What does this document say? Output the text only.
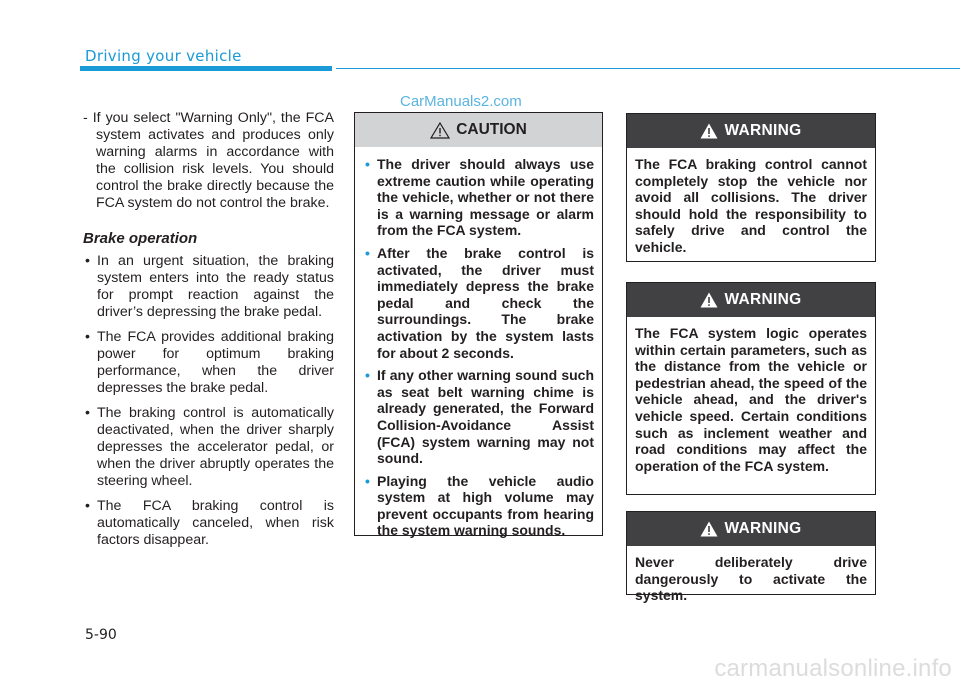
Driving your vehicle
CarManuals2.com

- If you select "Warning Only", the FCA system activates and produces only warning alarms in accordance with the collision risk levels. You should control the brake directly because the FCA system do not control the brake.

Brake operation

• In an urgent situation, the braking system enters into the ready status for prompt reaction against the driver’s depressing the brake pedal.
• The FCA provides additional braking power for optimum braking performance, when the driver depresses the brake pedal.
• The braking control is automatically deactivated, when the driver sharply depresses the accelerator pedal, or when the driver abruptly operates the steering wheel.
• The FCA braking control is automatically canceled, when risk factors disappear.
CAUTION
• The driver should always use extreme caution while operating the vehicle, whether or not there is a warning message or alarm from the FCA system.
• After the brake control is activated, the driver must immediately depress the brake pedal and check the surroundings. The brake activation by the system lasts for about 2 seconds.
• If any other warning sound such as seat belt warning chime is already generated, the Forward Collision-Avoidance Assist (FCA) system warning may not sound.
• Playing the vehicle audio system at high volume may prevent occupants from hearing the system warning sounds.
WARNING
The FCA braking control cannot completely stop the vehicle nor avoid all collisions. The driver should hold the responsibility to safely drive and control the vehicle.
WARNING
The FCA system logic operates within certain parameters, such as the distance from the vehicle or pedestrian ahead, the speed of the vehicle ahead, and the driver's vehicle speed. Certain conditions such as inclement weather and road conditions may affect the operation of the FCA system.
WARNING
Never deliberately drive dangerously to activate the system.
5-90
carmanualsonline.info
